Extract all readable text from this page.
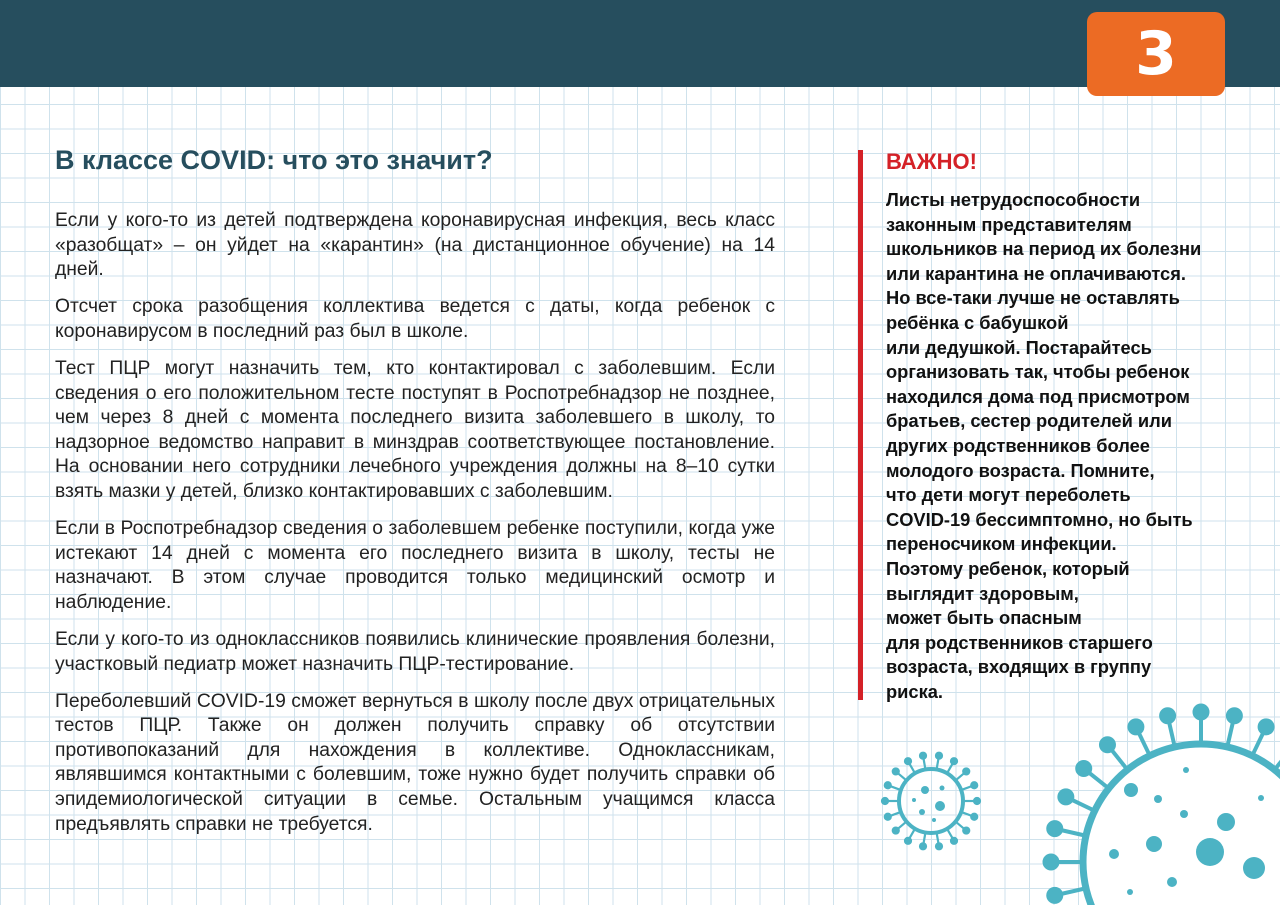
3
В классе COVID: что это значит?

Если у кого-то из детей подтверждена коронавирусная инфекция, весь класс «разобщат» – он уйдет на «карантин» (на дистанционное обучение) на 14 дней.

Отсчет срока разобщения коллектива ведется с даты, когда ребенок с коронавирусом в последний раз был в школе.

Тест ПЦР могут назначить тем, кто контактировал с заболевшим. Если сведения о его положительном тесте поступят в Роспотребнадзор не позднее, чем через 8 дней с момента последнего визита заболевшего в школу, то надзорное ведомство направит в минздрав соответствующее постановление. На основании него сотрудники лечебного учреждения должны на 8–10 сутки взять мазки у детей, близко контактировавших с заболевшим.

Если в Роспотребнадзор сведения о заболевшем ребенке поступили, когда уже истекают 14 дней с момента его последнего визита в школу, тесты не назначают. В этом случае проводится только медицинский осмотр и наблюдение.

Если у кого-то из одноклассников появились клинические проявления болезни, участковый педиатр может назначить ПЦР-тестирование.

Переболевший COVID-19 сможет вернуться в школу после двух отрицательных тестов ПЦР. Также он должен получить справку об отсутствии противопоказаний для нахождения в коллективе. Одноклассникам, являвшимся контактными с болевшим, тоже нужно будет получить справки об эпидемиологической ситуации в семье. Остальным учащимся класса предъявлять справки не требуется.

ВАЖНО!
Листы нетрудоспособности
законным представителям
школьников на период их болезни
или карантина не оплачиваются.
Но все-таки лучше не оставлять
ребёнка с бабушкой
или дедушкой. Постарайтесь
организовать так, чтобы ребенок
находился дома под присмотром
братьев, сестер родителей или
других родственников более
молодого возраста. Помните,
что дети могут переболеть
COVID-19 бессимптомно, но быть
переносчиком инфекции.
Поэтому ребенок, который
выглядит здоровым,
может быть опасным
для родственников старшего
возраста, входящих в группу
риска.
